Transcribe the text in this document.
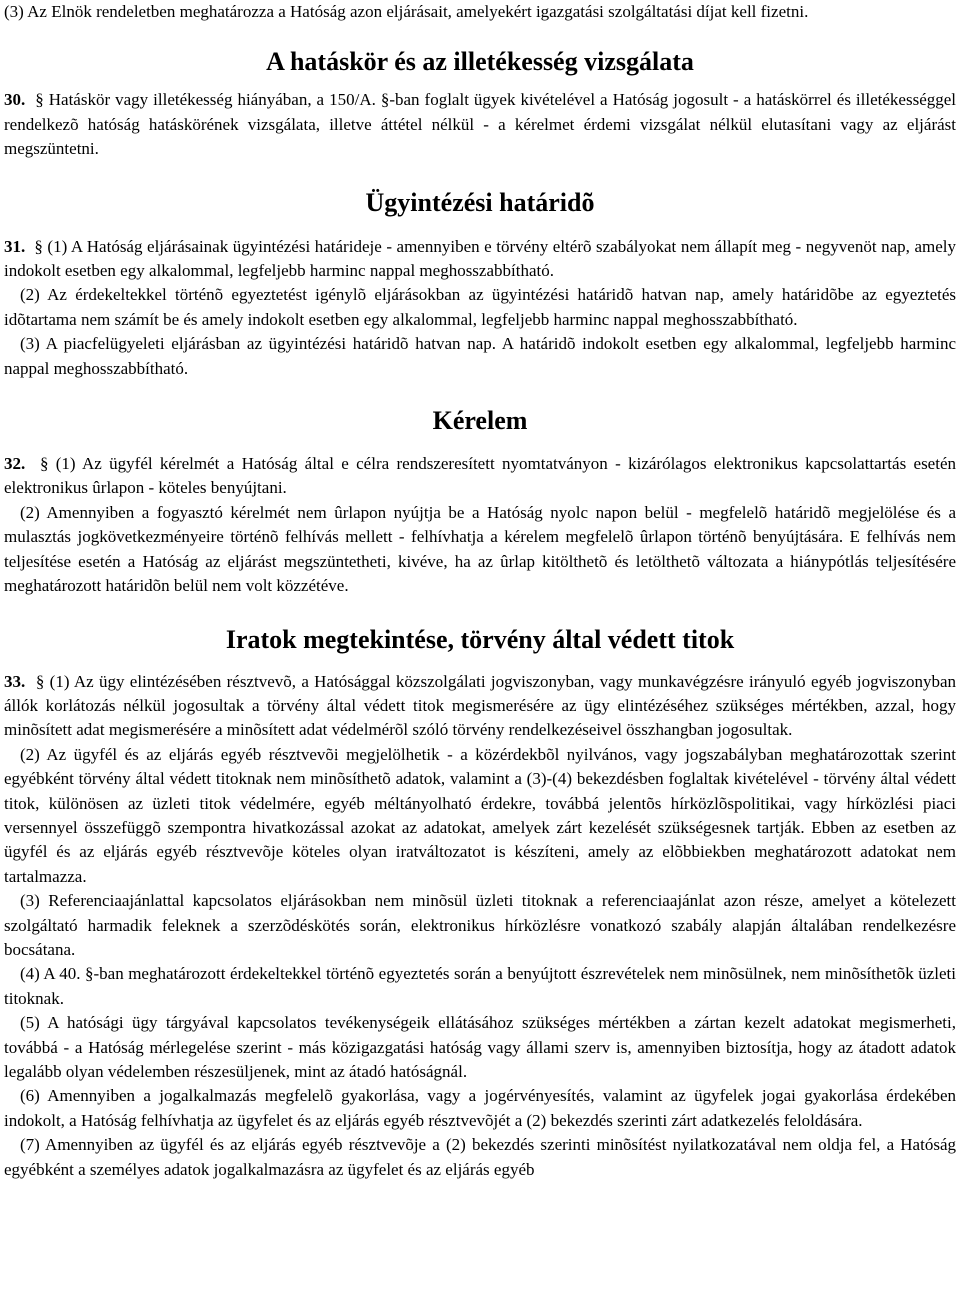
(3) Az Elnök rendeletben meghatározza a Hatóság azon eljárásait, amelyekért igazgatási szolgáltatási díjat kell fizetni.

A hatáskör és az illetékesség vizsgálata

30. § Hatáskör vagy illetékesség hiányában, a 150/A. §-ban foglalt ügyek kivételével a Hatóság jogosult - a hatáskörrel és illetékességgel rendelkezõ hatóság hatáskörének vizsgálata, illetve áttétel nélkül - a kérelmet érdemi vizsgálat nélkül elutasítani vagy az eljárást megszüntetni.

Ügyintézési határidõ

31. § (1) A Hatóság eljárásainak ügyintézési határideje - amennyiben e törvény eltérõ szabályokat nem állapít meg - negyvenöt nap, amely indokolt esetben egy alkalommal, legfeljebb harminc nappal meghosszabbítható.

(2) Az érdekeltekkel történõ egyeztetést igénylõ eljárásokban az ügyintézési határidõ hatvan nap, amely határidõbe az egyeztetés idõtartama nem számít be és amely indokolt esetben egy alkalommal, legfeljebb harminc nappal meghosszabbítható.

(3) A piacfelügyeleti eljárásban az ügyintézési határidõ hatvan nap. A határidõ indokolt esetben egy alkalommal, legfeljebb harminc nappal meghosszabbítható.

Kérelem

32. § (1) Az ügyfél kérelmét a Hatóság által e célra rendszeresített nyomtatványon - kizárólagos elektronikus kapcsolattartás esetén elektronikus ûrlapon - köteles benyújtani.

(2) Amennyiben a fogyasztó kérelmét nem ûrlapon nyújtja be a Hatóság nyolc napon belül - megfelelõ határidõ megjelölése és a mulasztás jogkövetkezményeire történõ felhívás mellett - felhívhatja a kérelem megfelelõ ûrlapon történõ benyújtására. E felhívás nem teljesítése esetén a Hatóság az eljárást megszüntetheti, kivéve, ha az ûrlap kitölthetõ és letölthetõ változata a hiánypótlás teljesítésére meghatározott határidõn belül nem volt közzétéve.

Iratok megtekintése, törvény által védett titok

33. § (1) Az ügy elintézésében résztvevõ, a Hatósággal közszolgálati jogviszonyban, vagy munkavégzésre irányuló egyéb jogviszonyban állók korlátozás nélkül jogosultak a törvény által védett titok megismerésére az ügy elintézéséhez szükséges mértékben, azzal, hogy minõsített adat megismerésére a minõsített adat védelmérõl szóló törvény rendelkezéseivel összhangban jogosultak.

(2) Az ügyfél és az eljárás egyéb résztvevõi megjelölhetik - a közérdekbõl nyilvános, vagy jogszabályban meghatározottak szerint egyébként törvény által védett titoknak nem minõsíthetõ adatok, valamint a (3)-(4) bekezdésben foglaltak kivételével - törvény által védett titok, különösen az üzleti titok védelmére, egyéb méltányolható érdekre, továbbá jelentõs hírközlõspolitikai, vagy hírközlési piaci versennyel összefüggõ szempontra hivatkozással azokat az adatokat, amelyek zárt kezelését szükségesnek tartják. Ebben az esetben az ügyfél és az eljárás egyéb résztvevõje köteles olyan iratváltozatot is készíteni, amely az elõbbiekben meghatározott adatokat nem tartalmazza.

(3) Referenciaajánlattal kapcsolatos eljárásokban nem minõsül üzleti titoknak a referenciaajánlat azon része, amelyet a kötelezett szolgáltató harmadik feleknek a szerzõdéskötés során, elektronikus hírközlésre vonatkozó szabály alapján általában rendelkezésre bocsátana.

(4) A 40. §-ban meghatározott érdekeltekkel történõ egyeztetés során a benyújtott észrevételek nem minõsülnek, nem minõsíthetõk üzleti titoknak.

(5) A hatósági ügy tárgyával kapcsolatos tevékenységeik ellátásához szükséges mértékben a zártan kezelt adatokat megismerheti, továbbá - a Hatóság mérlegelése szerint - más közigazgatási hatóság vagy állami szerv is, amennyiben biztosítja, hogy az átadott adatok legalább olyan védelemben részesüljenek, mint az átadó hatóságnál.

(6) Amennyiben a jogalkalmazás megfelelõ gyakorlása, vagy a jogérvényesítés, valamint az ügyfelek jogai gyakorlása érdekében indokolt, a Hatóság felhívhatja az ügyfelet és az eljárás egyéb résztvevõjét a (2) bekezdés szerinti zárt adatkezelés feloldására.

(7) Amennyiben az ügyfél és az eljárás egyéb résztvevõje a (2) bekezdés szerinti minõsítést nyilatkozatával nem oldja fel, a Hatóság egyébként a személyes adatok jogalkalmazásra az ügyfelet és az eljárás egyéb
